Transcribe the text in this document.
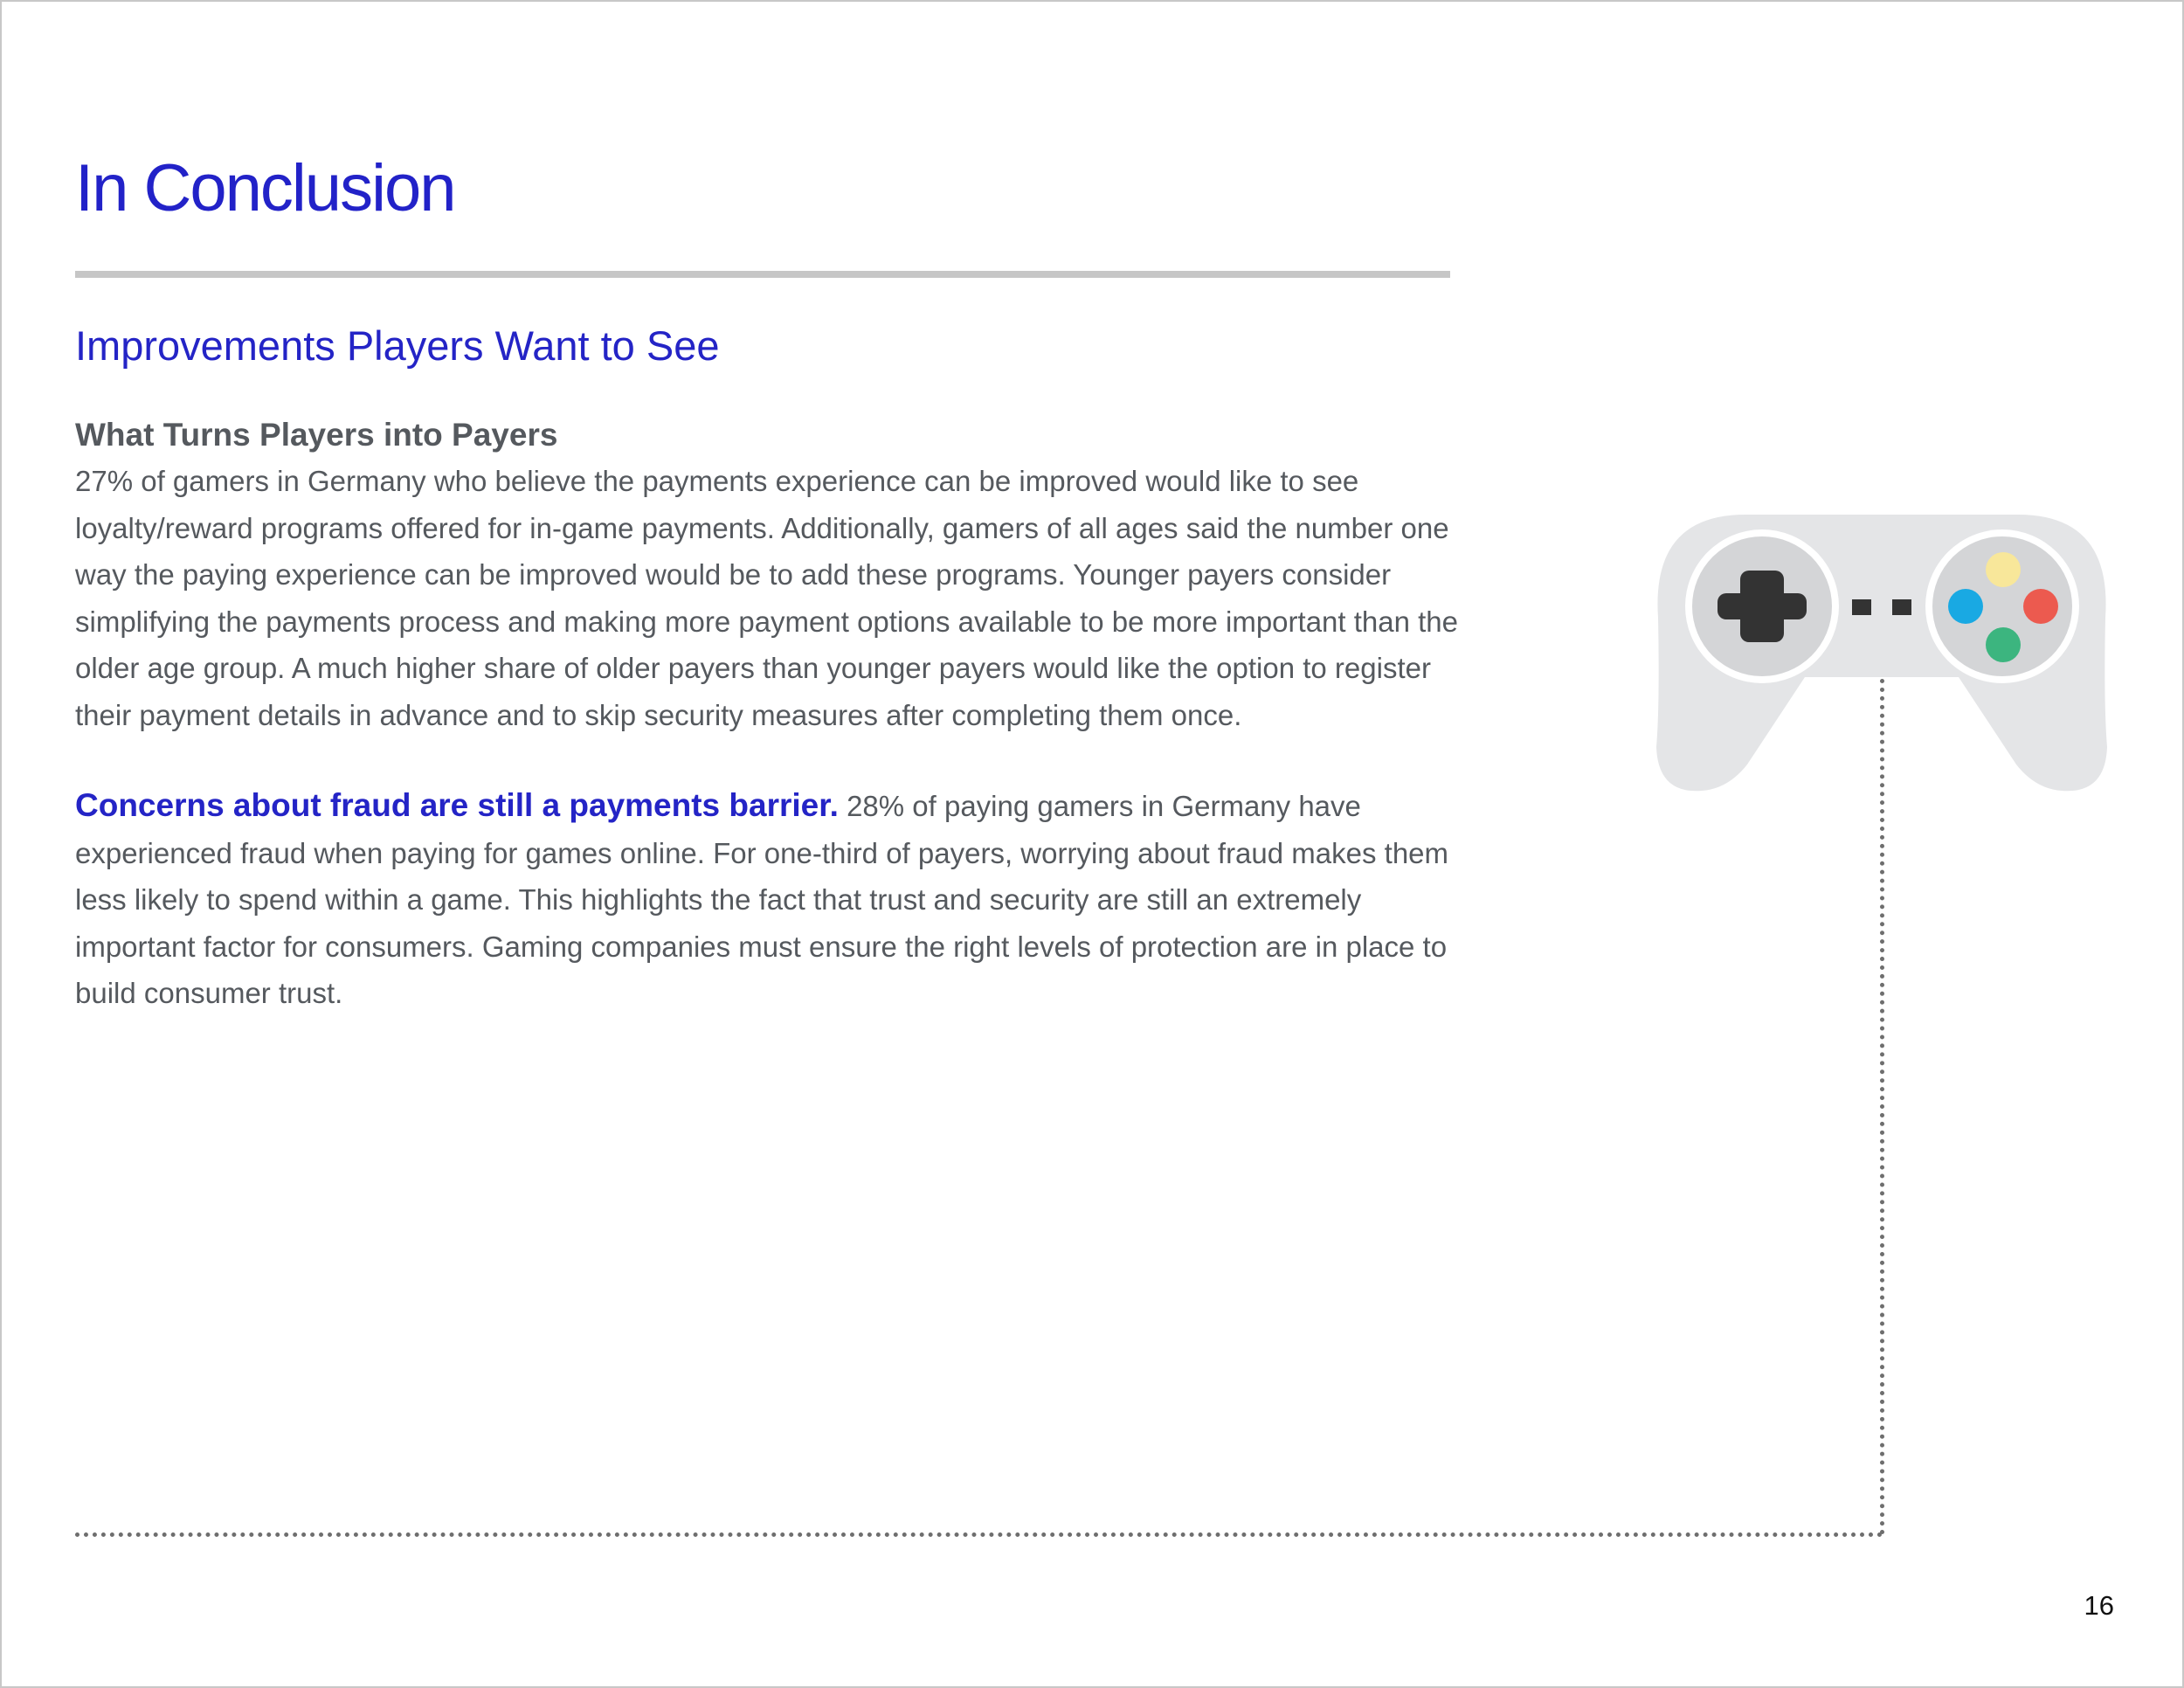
In Conclusion
Improvements Players Want to See
What Turns Players into Payers

27% of gamers in Germany who believe the payments experience can be improved would like to see loyalty/reward programs offered for in-game payments. Additionally, gamers of all ages said the number one way the paying experience can be improved would be to add these programs. Younger payers consider simplifying the payments process and making more payment options available to be more important than the older age group. A much higher share of older payers than younger payers would like the option to register their payment details in advance and to skip security measures after completing them once.

Concerns about fraud are still a payments barrier. 28% of paying gamers in Germany have experienced fraud when paying for games online. For one-third of payers, worrying about fraud makes them less likely to spend within a game. This highlights the fact that trust and security are still an extremely important factor for consumers. Gaming companies must ensure the right levels of protection are in place to build consumer trust.

16
